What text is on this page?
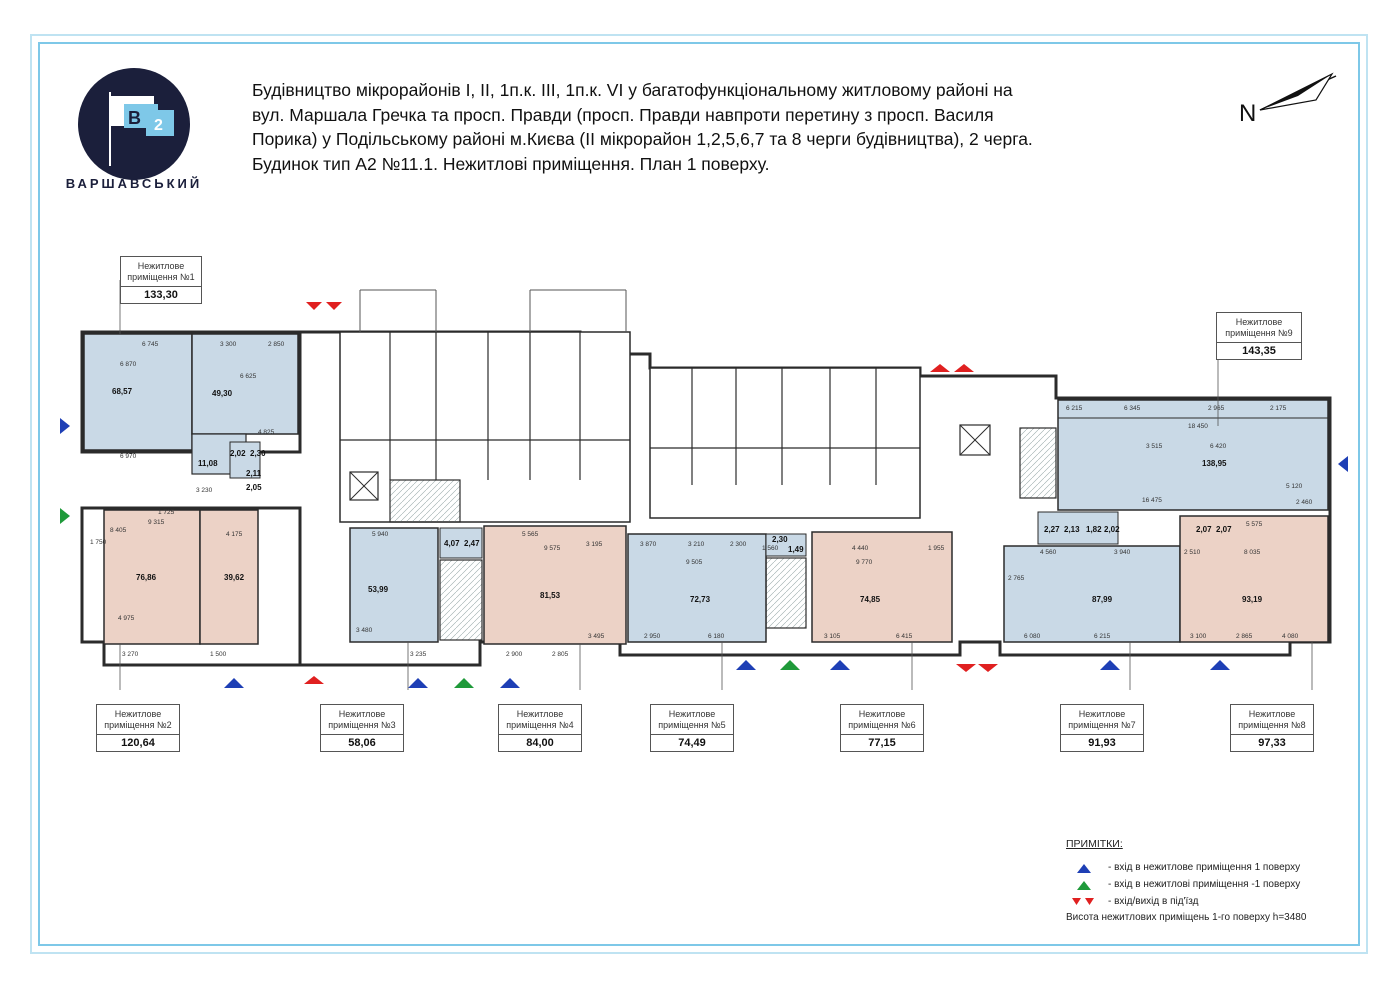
B 2
ВАРШАВСЬКИЙ
Будівництво мікрорайонів І, ІІ, 1п.к. ІІІ, 1п.к. VI у багатофункціональному житловому районі на
вул. Маршала Гречка та просп. Правди (просп. Правди навпроти перетину з просп. Василя
Порика) у Подільському районі м.Києва (ІІ мікрорайон 1,2,5,6,7 та 8 черги будівництва), 2 черга.
Будинок тип А2 №11.1. Нежитлові приміщення. План 1 поверху.
N
68,57	49,30
11,08
2,02 2,30
2,11
2,05
76,86	39,62
53,99
4,07 2,47
81,53	72,73
2,30
1,49
74,85	87,99	93,19
138,95
2,27 2,13 1,82 2,02	2,07 2,07
6 745	3 300	2 850
6 870
6 625
4 825
6 970
3 230
1 725
9 315
8 405
4 175
1 750
4 975
3 270	1 500
5 940
3 480
3 235
5 565
3 195
9 575
3 495
2 900	2 805
3 870	3 210	2 300
9 505
2 950	6 180
1 560	4 440
9 770
3 105	6 415
1 955
4 560	3 940
2 765
6 080	6 215
2 510	8 035
5 575
2 460
3 100	2 865	4 080
6 215	6 345	2 965	2 175
18 450
3 515	6 420
16 475
5 120
Нежитлове
приміщення №1
133,30
Нежитлове
приміщення №9
143,35
Нежитлове
приміщення №2
120,64
Нежитлове
приміщення №3
58,06
Нежитлове
приміщення №4
84,00
Нежитлове
приміщення №5
74,49
Нежитлове
приміщення №6
77,15
Нежитлове
приміщення №7
91,93
Нежитлове
приміщення №8
97,33
ПРИМІТКИ:
- вхід в нежитлове приміщення 1 поверху
- вхід в нежитлові приміщення -1 поверху
- вхід/вихід в під'їзд
Висота нежитлових приміщень 1-го поверху h=3480
